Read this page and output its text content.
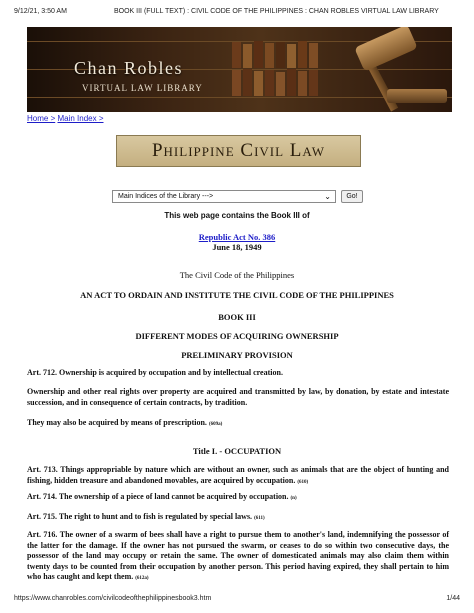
9/12/21, 3:50 AM	BOOK III (FULL TEXT) : CIVIL CODE OF THE PHILIPPINES : CHAN ROBLES VIRTUAL LAW LIBRARY
Chan Robles
VIRTUAL LAW LIBRARY
Home > Main Index >
Philippine Civil Law
Main Indices of the Library --->	⌄	Go!
This web page contains the Book III of
Republic Act No. 386
June 18, 1949
The Civil Code of the Philippines
AN ACT TO ORDAIN AND INSTITUTE THE CIVIL CODE OF THE PHILIPPINES
BOOK III
DIFFERENT MODES OF ACQUIRING OWNERSHIP
PRELIMINARY PROVISION
Art. 712. Ownership is acquired by occupation and by intellectual creation.
Ownership and other real rights over property are acquired and transmitted by law, by donation, by estate and intestate succession, and in consequence of certain contracts, by tradition.
They may also be acquired by means of prescription. (609a)
Title I. - OCCUPATION
Art. 713. Things appropriable by nature which are without an owner, such as animals that are the object of hunting and fishing, hidden treasure and abandoned movables, are acquired by occupation. (610)
Art. 714. The ownership of a piece of land cannot be acquired by occupation. (n)
Art. 715. The right to hunt and to fish is regulated by special laws. (611)
Art. 716. The owner of a swarm of bees shall have a right to pursue them to another's land, indemnifying the possessor of the latter for the damage. If the owner has not pursued the swarm, or ceases to do so within two consecutive days, the possessor of the land may occupy or retain the same. The owner of domesticated animals may also claim them within twenty days to be counted from their occupation by another person. This period having expired, they shall pertain to him who has caught and kept them. (612a)
https://www.chanrobles.com/civilcodeofthephilippinesbook3.htm	1/44
